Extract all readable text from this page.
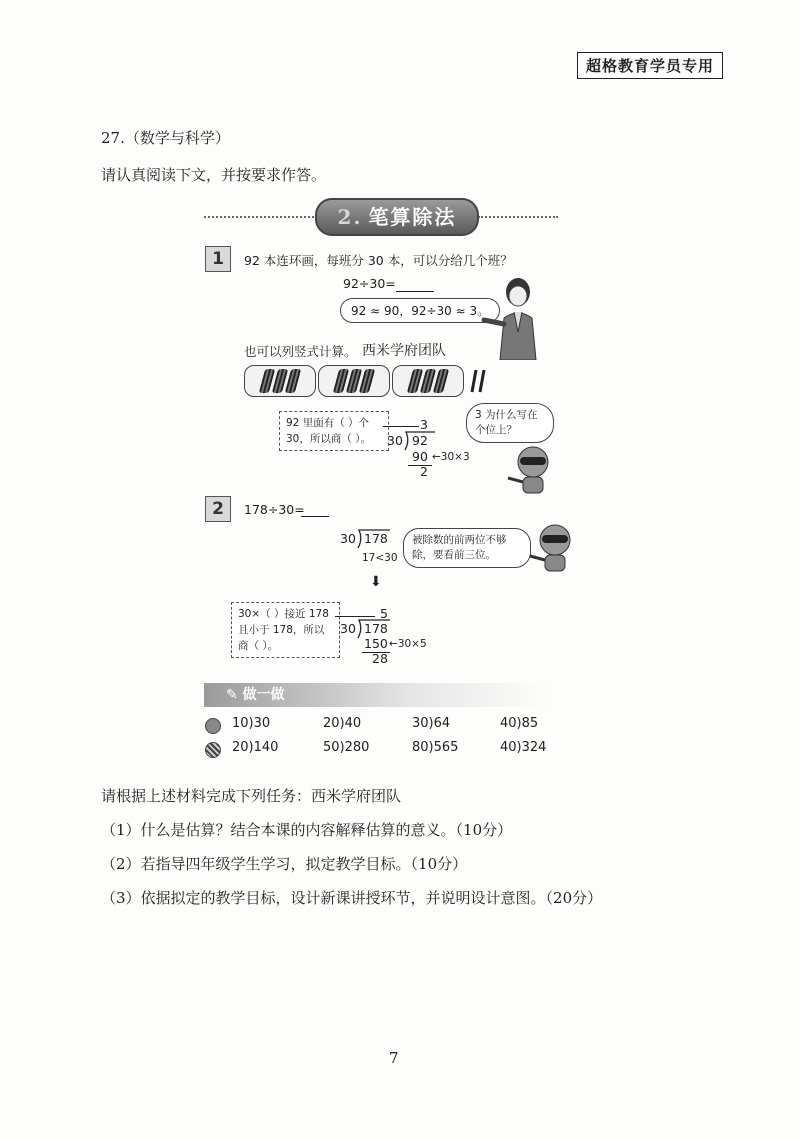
超格教育学员专用
27.（数学与科学）
请认真阅读下文，并按要求作答。
2. 笔算除法
1	92 本连环画，每班分 30 本，可以分给几个班？
92÷30=
92 ≈ 90，92÷30 ≈ 3。
也可以列竖式计算。 西米学府团队
92 里面有（ ）个 30，所以商（ ）。
3
30 92
90 ←30×3
2
3 为什么写在个位上？
2	178÷30=
30 178
17<30
⬇
被除数的前两位不够除，要看前三位。
30×（ ）接近 178 且小于 178，所以商（ ）。
5
30 178
150 ←30×5
28
✎ 做一做
10)30	20)40	30)64	40)85
20)140	50)280	80)565	40)324
请根据上述材料完成下列任务：西米学府团队
（1）什么是估算？结合本课的内容解释估算的意义。（10分）
（2）若指导四年级学生学习，拟定教学目标。（10分）
（3）依据拟定的教学目标，设计新课讲授环节，并说明设计意图。（20分）
7
